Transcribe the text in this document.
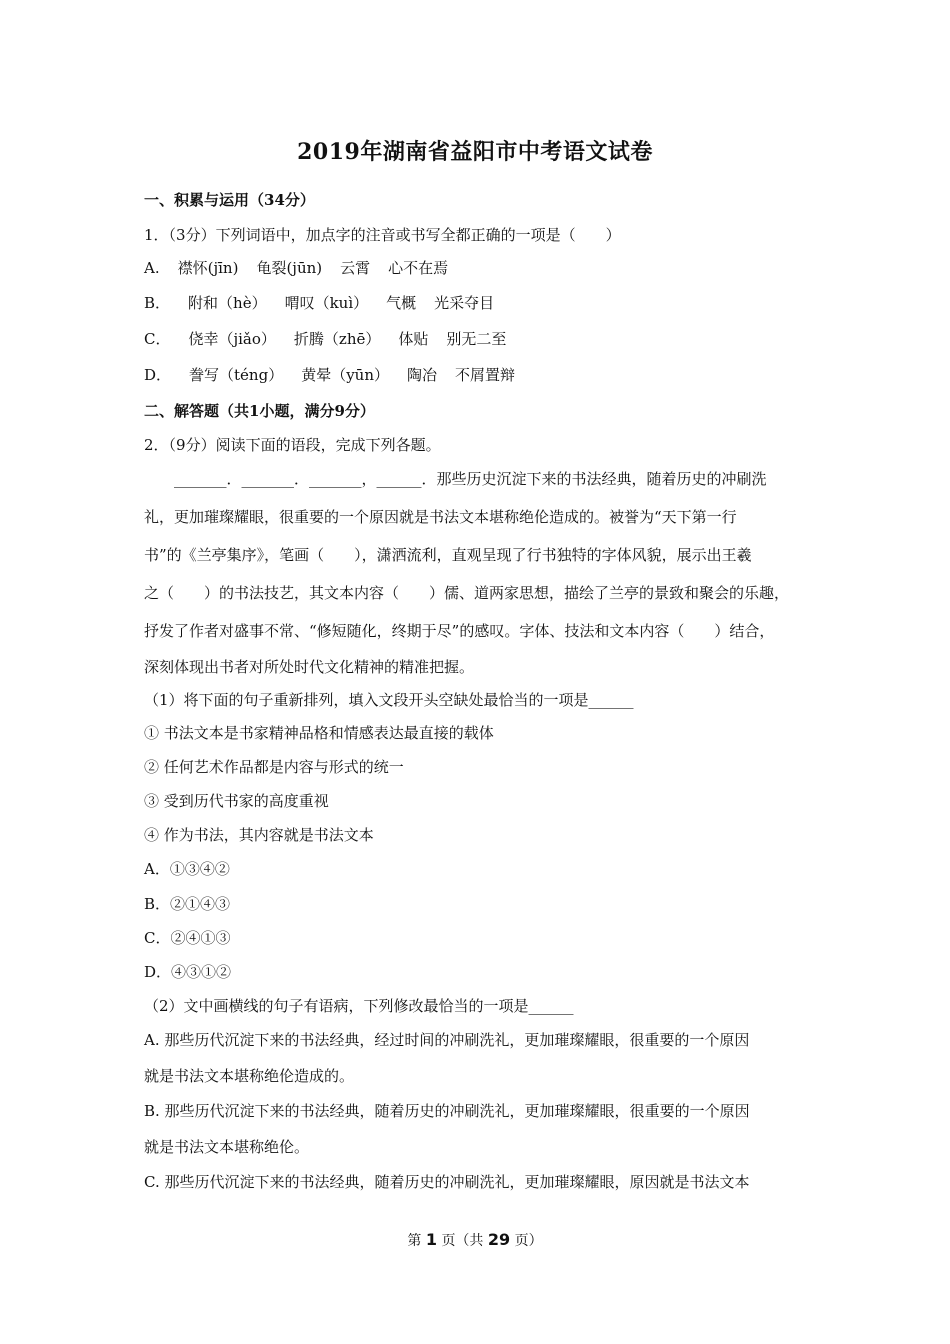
2019年湖南省益阳市中考语文试卷
一、积累与运用（34分）
1．（3分）下列词语中，加点字的注音或书写全都正确的一项是（　　）
A. 襟怀(jīn) 龟裂(jūn) 云霄 心不在焉
B． 附和（hè） 喟叹（kuì） 气概 光采夺目
C． 侥幸（jiǎo） 折腾（zhē） 体贴 别无二至
D． 誊写（téng） 黄晕（yūn） 陶冶 不屑置辩
二、解答题（共1小题，满分9分）
2．（9分）阅读下面的语段，完成下列各题。
　　_______．_______．_______，______．那些历史沉淀下来的书法经典，随着历史的冲刷洗
礼，更加璀璨耀眼，很重要的一个原因就是书法文本堪称绝伦造成的。被誉为“天下第一行
书”的《兰亭集序》，笔画（　　），潇洒流利，直观呈现了行书独特的字体风貌，展示出王羲
之（　　）的书法技艺，其文本内容（　　）儒、道两家思想，描绘了兰亭的景致和聚会的乐趣，
抒发了作者对盛事不常、“修短随化，终期于尽”的感叹。字体、技法和文本内容（　　）结合，
深刻体现出书者对所处时代文化精神的精准把握。
（1）将下面的句子重新排列，填入文段开头空缺处最恰当的一项是______
① 书法文本是书家精神品格和情感表达最直接的载体
② 任何艺术作品都是内容与形式的统一
③ 受到历代书家的高度重视
④ 作为书法，其内容就是书法文本
A．①③④②
B．②①④③
C．②④①③
D．④③①②
（2）文中画横线的句子有语病，下列修改最恰当的一项是______
A. 那些历代沉淀下来的书法经典，经过时间的冲刷洗礼，更加璀璨耀眼，很重要的一个原因
就是书法文本堪称绝伦造成的。
B. 那些历代沉淀下来的书法经典，随着历史的冲刷洗礼，更加璀璨耀眼，很重要的一个原因
就是书法文本堪称绝伦。
C. 那些历代沉淀下来的书法经典，随着历史的冲刷洗礼，更加璀璨耀眼，原因就是书法文本
第 1 页（共 29 页）
